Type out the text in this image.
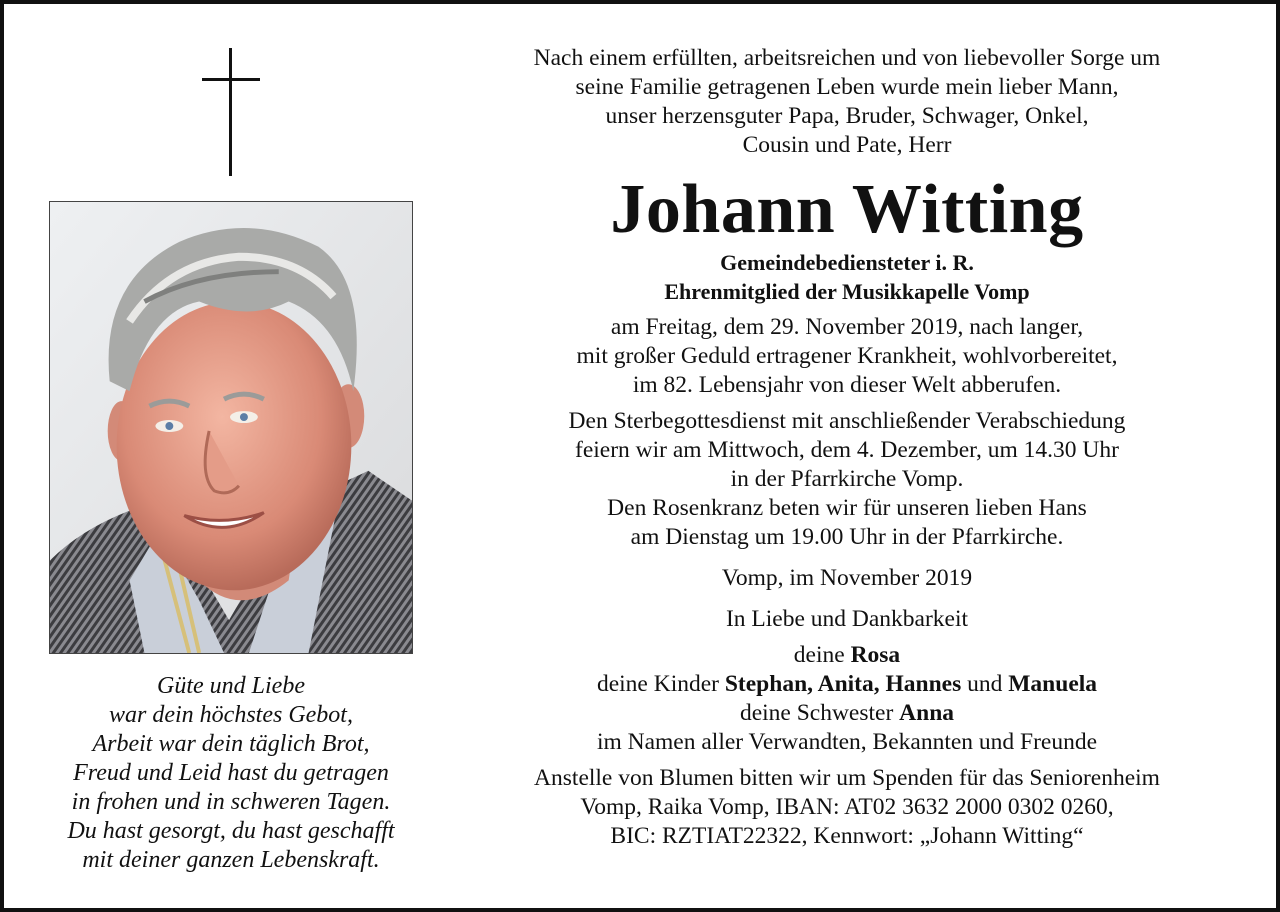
Güte und Liebe
war dein höchstes Gebot,
Arbeit war dein täglich Brot,
Freud und Leid hast du getragen
in frohen und in schweren Tagen.
Du hast gesorgt, du hast geschafft
mit deiner ganzen Lebenskraft.
Nach einem erfüllten, arbeitsreichen und von liebevoller Sorge um
seine Familie getragenen Leben wurde mein lieber Mann,
unser herzensguter Papa, Bruder, Schwager, Onkel,
Cousin und Pate, Herr
Johann Witting
Gemeindebediensteter i. R.
Ehrenmitglied der Musikkapelle Vomp
am Freitag, dem 29. November 2019, nach langer,
mit großer Geduld ertragener Krankheit, wohlvorbereitet,
im 82. Lebensjahr von dieser Welt abberufen.
Den Sterbegottesdienst mit anschließender Verabschiedung
feiern wir am Mittwoch, dem 4. Dezember, um 14.30 Uhr
in der Pfarrkirche Vomp.
Den Rosenkranz beten wir für unseren lieben Hans
am Dienstag um 19.00 Uhr in der Pfarrkirche.
Vomp, im November 2019
In Liebe und Dankbarkeit
deine Rosa
deine Kinder Stephan, Anita, Hannes und Manuela
deine Schwester Anna
im Namen aller Verwandten, Bekannten und Freunde
Anstelle von Blumen bitten wir um Spenden für das Seniorenheim
Vomp, Raika Vomp, IBAN: AT02 3632 2000 0302 0260,
BIC: RZTIAT22322, Kennwort: „Johann Witting“
